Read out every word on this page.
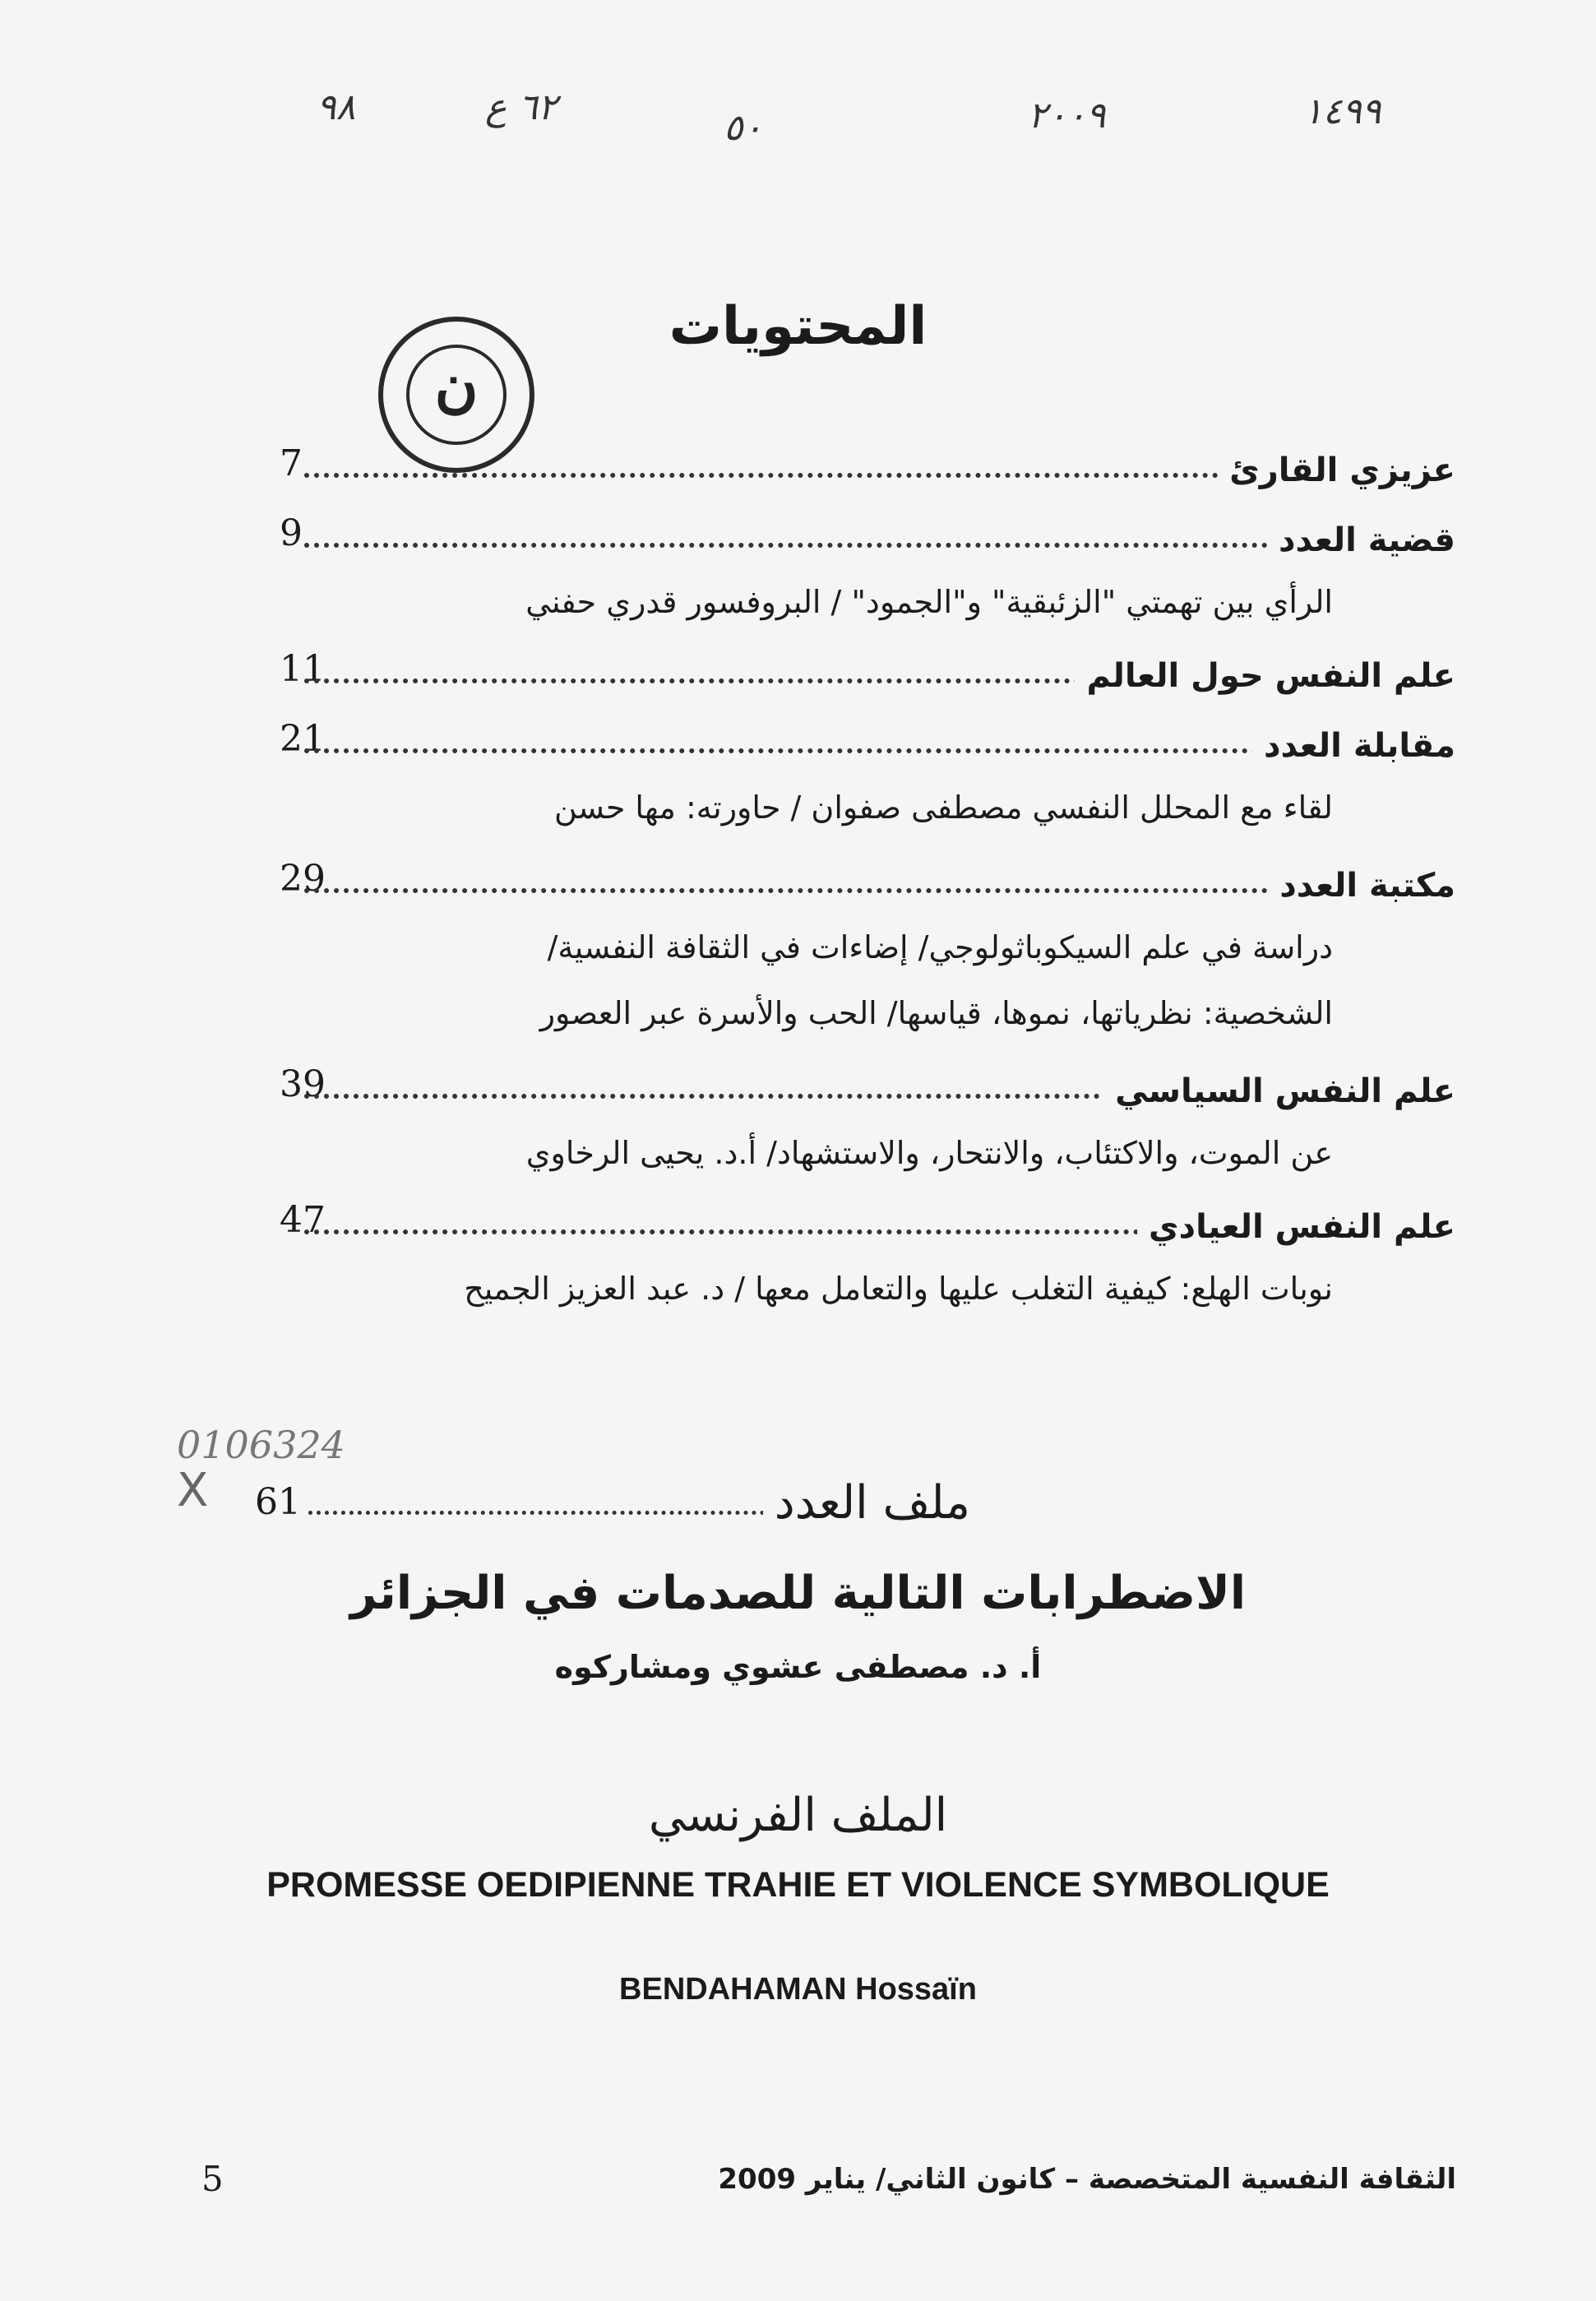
٩٨	٦٢ ع	٥٠	٢٠٠٩	١٤٩٩
المحتويات
ن
7	عزيزي القارئ
9	قضية العدد
الرأي بين تهمتي "الزئبقية" و"الجمود" / البروفسور قدري حفني
11	علم النفس حول العالم
21	مقابلة العدد
لقاء مع المحلل النفسي مصطفى صفوان / حاورته: مها حسن
29	مكتبة العدد
دراسة في علم السيكوباثولوجي/ إضاءات في الثقافة النفسية/
الشخصية: نظرياتها، نموها، قياسها/ الحب والأسرة عبر العصور
39	علم النفس السياسي
عن الموت، والاكتئاب، والانتحار، والاستشهاد/ أ.د. يحيى الرخاوي
47	علم النفس العيادي
نوبات الهلع: كيفية التغلب عليها والتعامل معها / د. عبد العزيز الجميح
0106324
X 61	ملف العدد
الاضطرابات التالية للصدمات في الجزائر
أ. د. مصطفى عشوي ومشاركوه
الملف الفرنسي
PROMESSE OEDIPIENNE TRAHIE ET VIOLENCE SYMBOLIQUE
BENDAHAMAN Hossaïn
5	الثقافة النفسية المتخصصة – كانون الثاني/ يناير 2009
